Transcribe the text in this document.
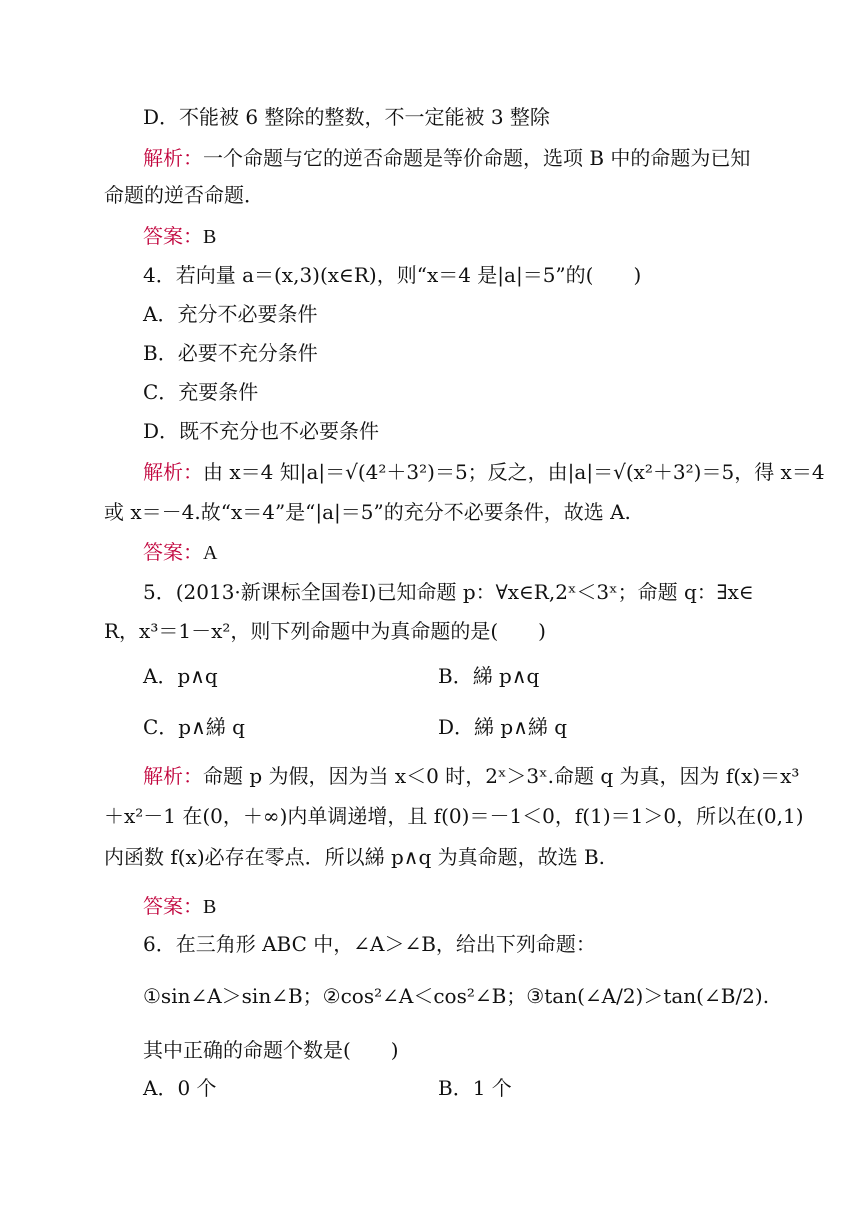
D．不能被 6 整除的整数，不一定能被 3 整除
解析：一个命题与它的逆否命题是等价命题，选项 B 中的命题为已知
命题的逆否命题．
答案：B
4．若向量 a＝(x,3)(x∈R)，则“x＝4 是|a|＝5”的(　　)
A．充分不必要条件
B．必要不充分条件
C．充要条件
D．既不充分也不必要条件
解析：由 x＝4 知|a|＝√(4²＋3²)＝5；反之，由|a|＝√(x²＋3²)＝5，得 x＝4
或 x＝－4.故“x＝4”是“|a|＝5”的充分不必要条件，故选 A.
答案：A
5．(2013·新课标全国卷Ⅰ)已知命题 p：∀x∈R,2ˣ＜3ˣ；命题 q：∃x∈
R，x³＝1－x²，则下列命题中为真命题的是(　　)
A．p∧q	B．綈 p∧q
C．p∧綈 q	D．綈 p∧綈 q
解析：命题 p 为假，因为当 x＜0 时，2ˣ＞3ˣ.命题 q 为真，因为 f(x)＝x³
＋x²－1 在(0，＋∞)内单调递增，且 f(0)＝－1＜0，f(1)＝1＞0，所以在(0,1)
内函数 f(x)必存在零点．所以綈 p∧q 为真命题，故选 B.
答案：B
6．在三角形 ABC 中，∠A＞∠B，给出下列命题：
①sin∠A＞sin∠B；②cos²∠A＜cos²∠B；③tan(∠A/2)＞tan(∠B/2).
其中正确的命题个数是(　　)
A．0 个	B．1 个
